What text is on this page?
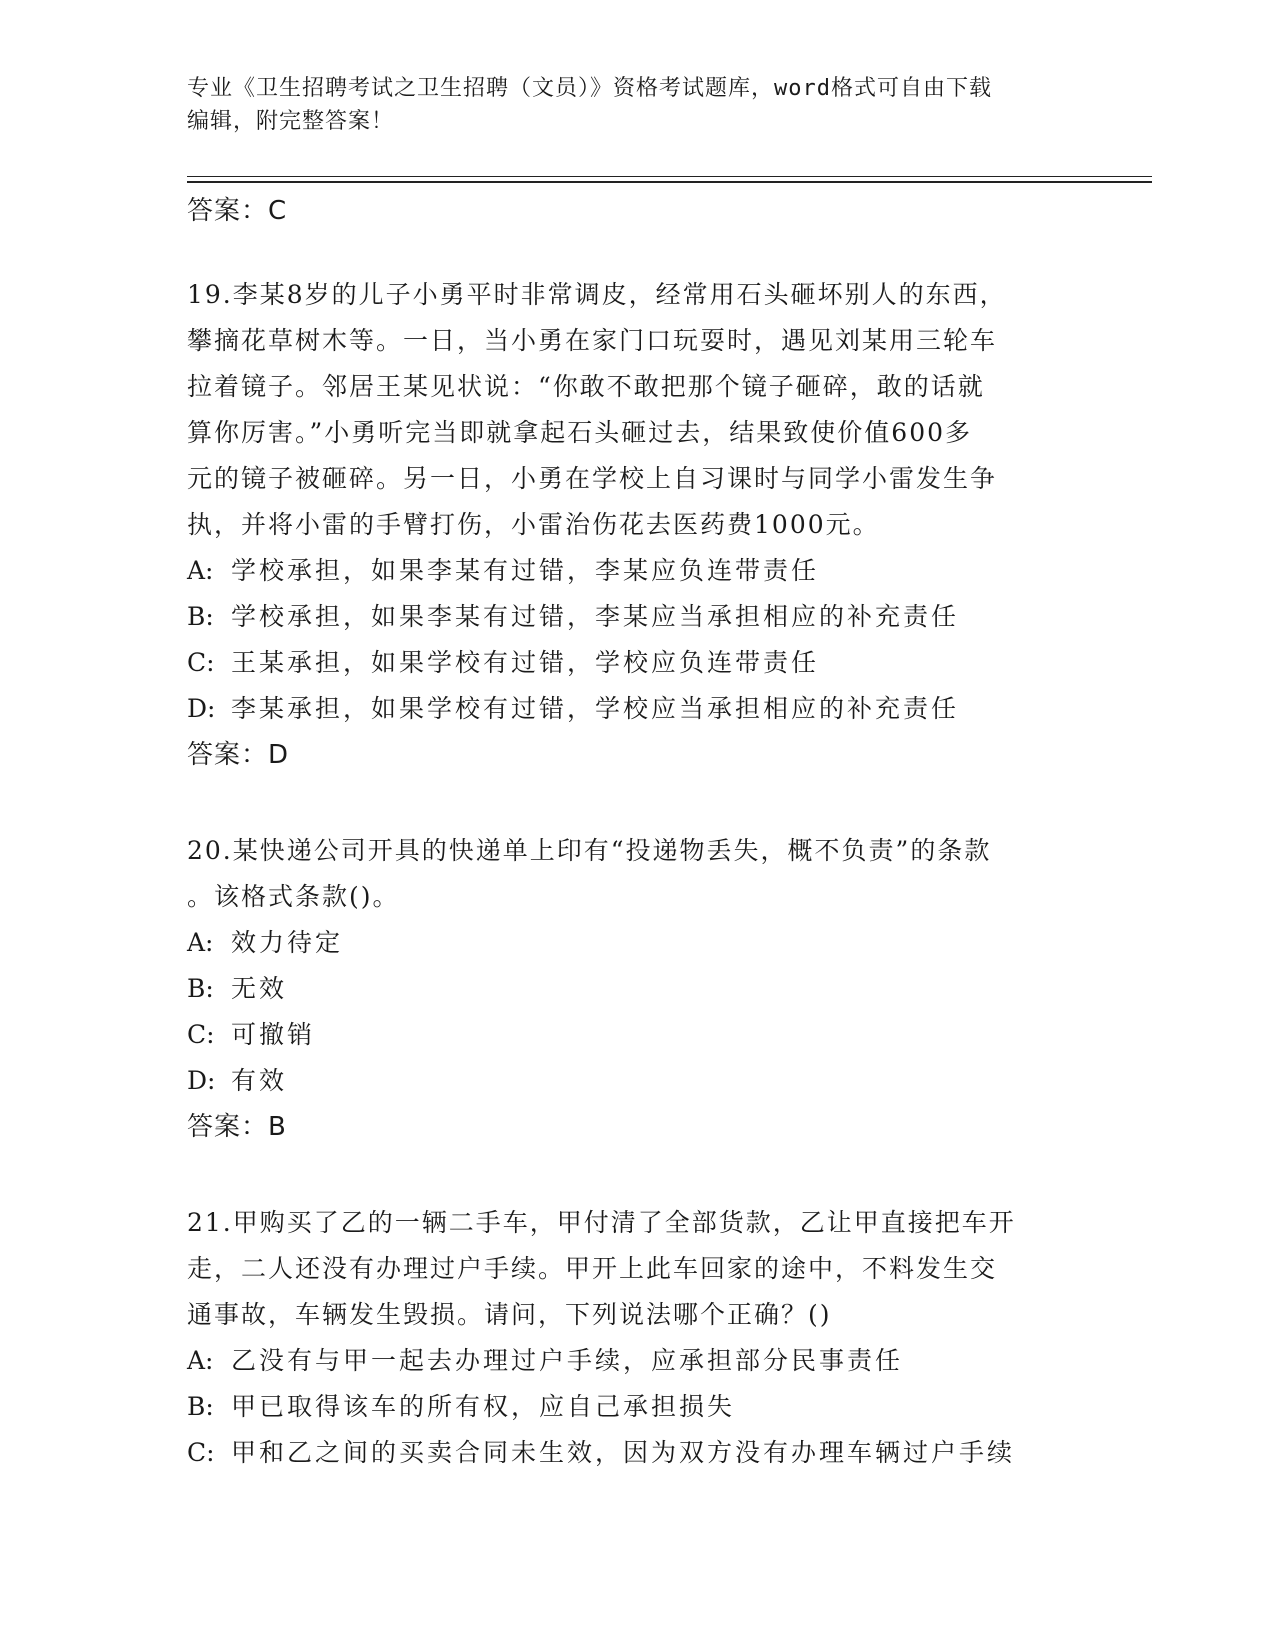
专业《卫生招聘考试之卫生招聘（文员）》资格考试题库，word格式可自由下载
编辑，附完整答案！
答案：C
19.李某8岁的儿子小勇平时非常调皮，经常用石头砸坏别人的东西，
攀摘花草树木等。一日，当小勇在家门口玩耍时，遇见刘某用三轮车
拉着镜子。邻居王某见状说：“你敢不敢把那个镜子砸碎，敢的话就
算你厉害。”小勇听完当即就拿起石头砸过去，结果致使价值600多
元的镜子被砸碎。另一日，小勇在学校上自习课时与同学小雷发生争
执，并将小雷的手臂打伤，小雷治伤花去医药费1000元。
A: 学校承担，如果李某有过错，李某应负连带责任
B: 学校承担，如果李某有过错，李某应当承担相应的补充责任
C: 王某承担，如果学校有过错，学校应负连带责任
D: 李某承担，如果学校有过错，学校应当承担相应的补充责任
答案：D
20.某快递公司开具的快递单上印有“投递物丢失，概不负责”的条款
。该格式条款()。
A: 效力待定
B: 无效
C: 可撤销
D: 有效
答案：B
21.甲购买了乙的一辆二手车，甲付清了全部货款，乙让甲直接把车开
走，二人还没有办理过户手续。甲开上此车回家的途中，不料发生交
通事故，车辆发生毁损。请问，下列说法哪个正确？()
A: 乙没有与甲一起去办理过户手续，应承担部分民事责任
B: 甲已取得该车的所有权，应自己承担损失
C: 甲和乙之间的买卖合同未生效，因为双方没有办理车辆过户手续
